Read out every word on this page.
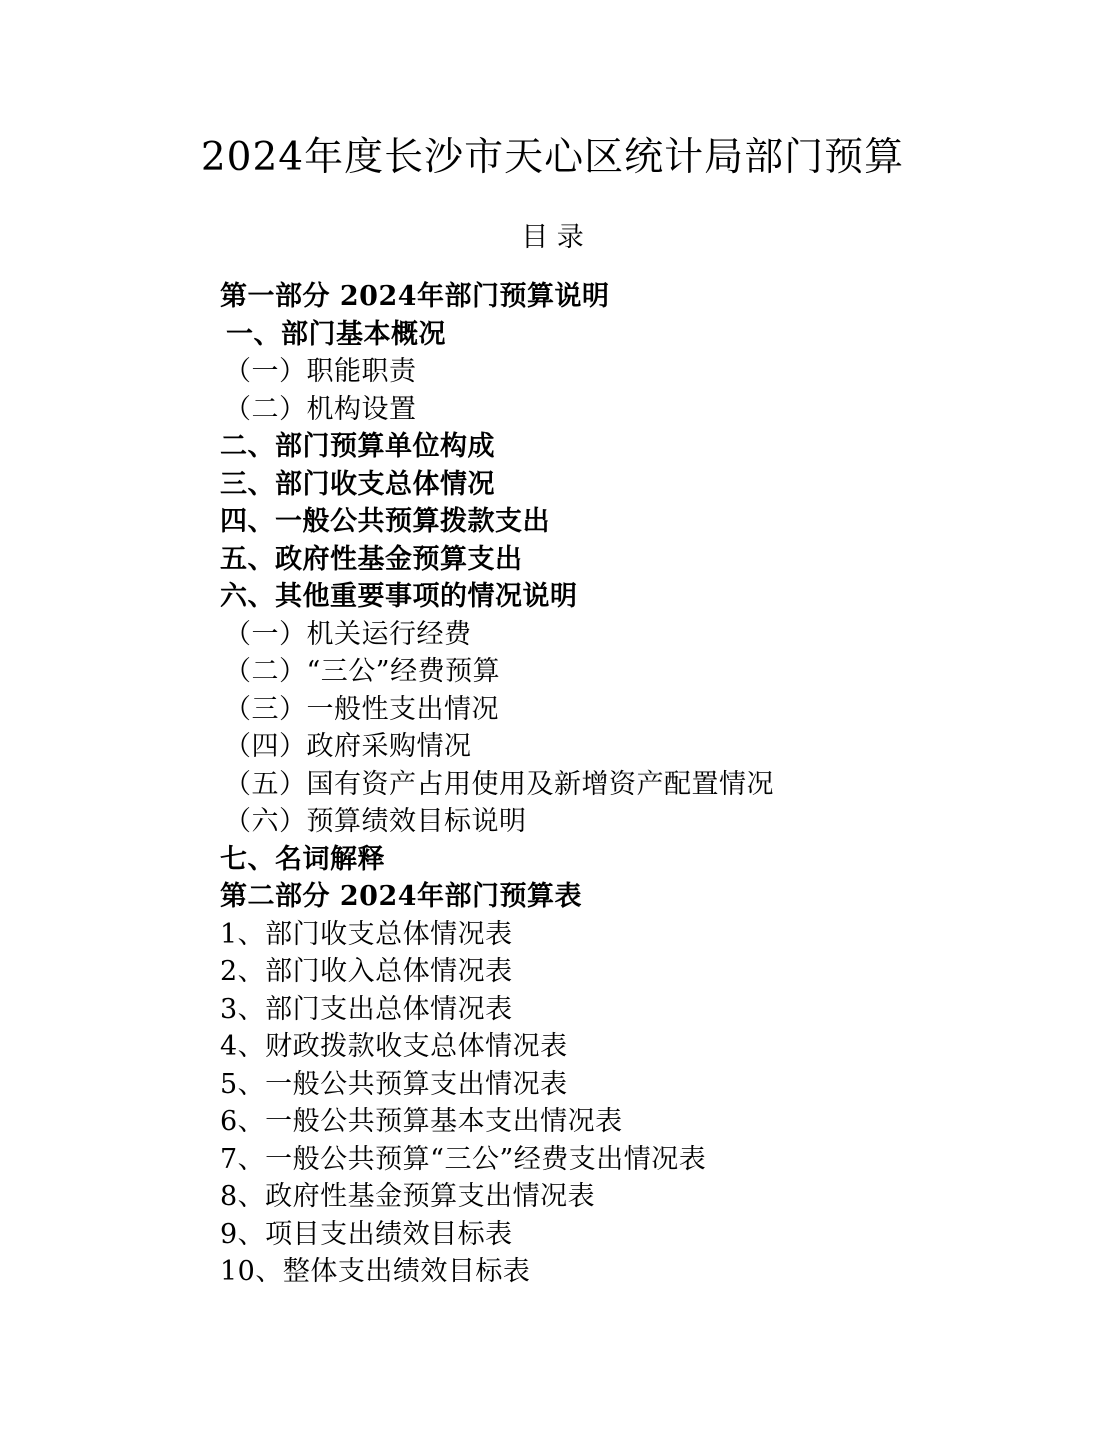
2024年度长沙市天心区统计局部门预算
目 录
第一部分 2024年部门预算说明
一、部门基本概况
（一）职能职责
（二）机构设置
二、部门预算单位构成
三、部门收支总体情况
四、一般公共预算拨款支出
五、政府性基金预算支出
六、其他重要事项的情况说明
（一）机关运行经费
（二）“三公”经费预算
（三）一般性支出情况
（四）政府采购情况
（五）国有资产占用使用及新增资产配置情况
（六）预算绩效目标说明
七、名词解释
第二部分 2024年部门预算表
1、部门收支总体情况表
2、部门收入总体情况表
3、部门支出总体情况表
4、财政拨款收支总体情况表
5、一般公共预算支出情况表
6、一般公共预算基本支出情况表
7、一般公共预算“三公”经费支出情况表
8、政府性基金预算支出情况表
9、项目支出绩效目标表
10、整体支出绩效目标表
